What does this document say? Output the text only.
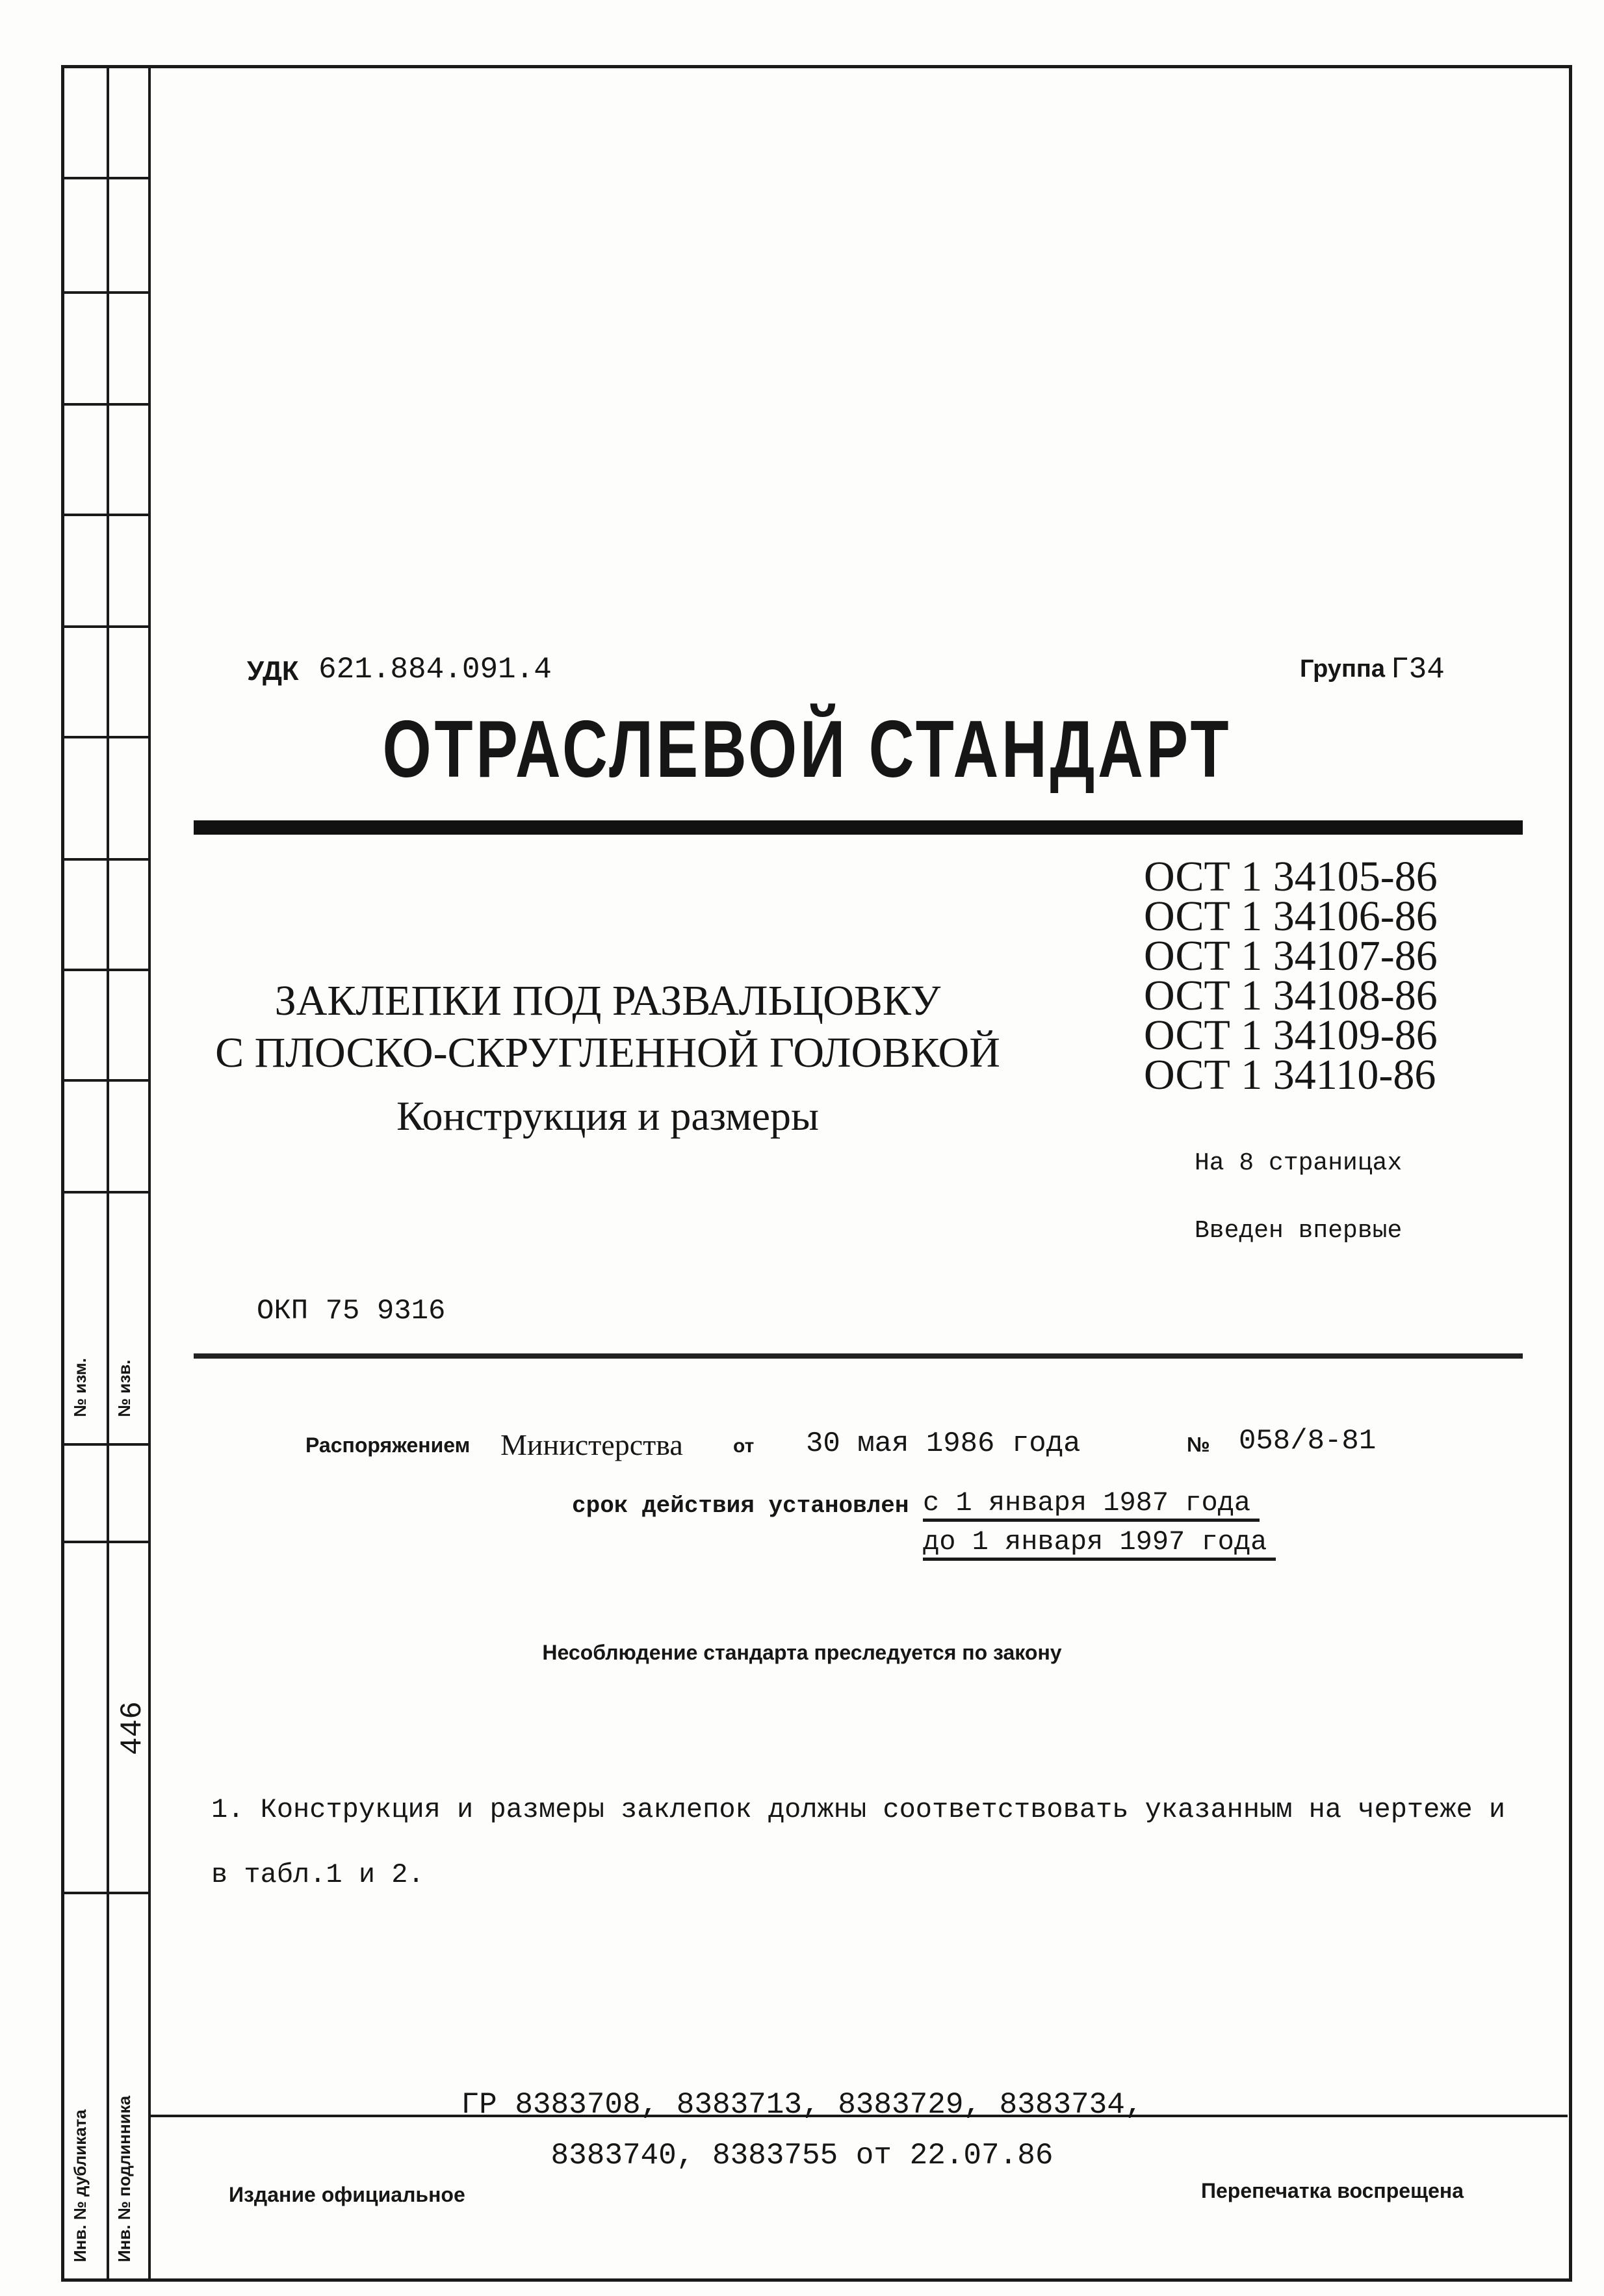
№ изм. № изв.
446
Инв. № дубликата Инв. № подлинника
УДК 621.884.091.4	Группа Г34
ОТРАСЛЕВОЙ СТАНДАРТ
ОСТ 1 34105-86
ОСТ 1 34106-86
ОСТ 1 34107-86
ОСТ 1 34108-86
ОСТ 1 34109-86
ОСТ 1 34110-86
ЗАКЛЕПКИ ПОД РАЗВАЛЬЦОВКУ
С ПЛОСКО-СКРУГЛЕННОЙ ГОЛОВКОЙ
Конструкция и размеры
На 8 страницах
Введен впервые
ОКП 75 9316
Распоряжением Министерства	от 30 мая 1986 года	№ 058/8-81
срок действия установлен с 1 января 1987 года
до 1 января 1997 года
Несоблюдение стандарта преследуется по закону
1. Конструкция и размеры заклепок должны соответствовать указанным на чертеже и в табл.1 и 2.
ГР 8383708, 8383713, 8383729, 8383734,
8383740, 8383755 от 22.07.86
Издание официальное	Перепечатка воспрещена
